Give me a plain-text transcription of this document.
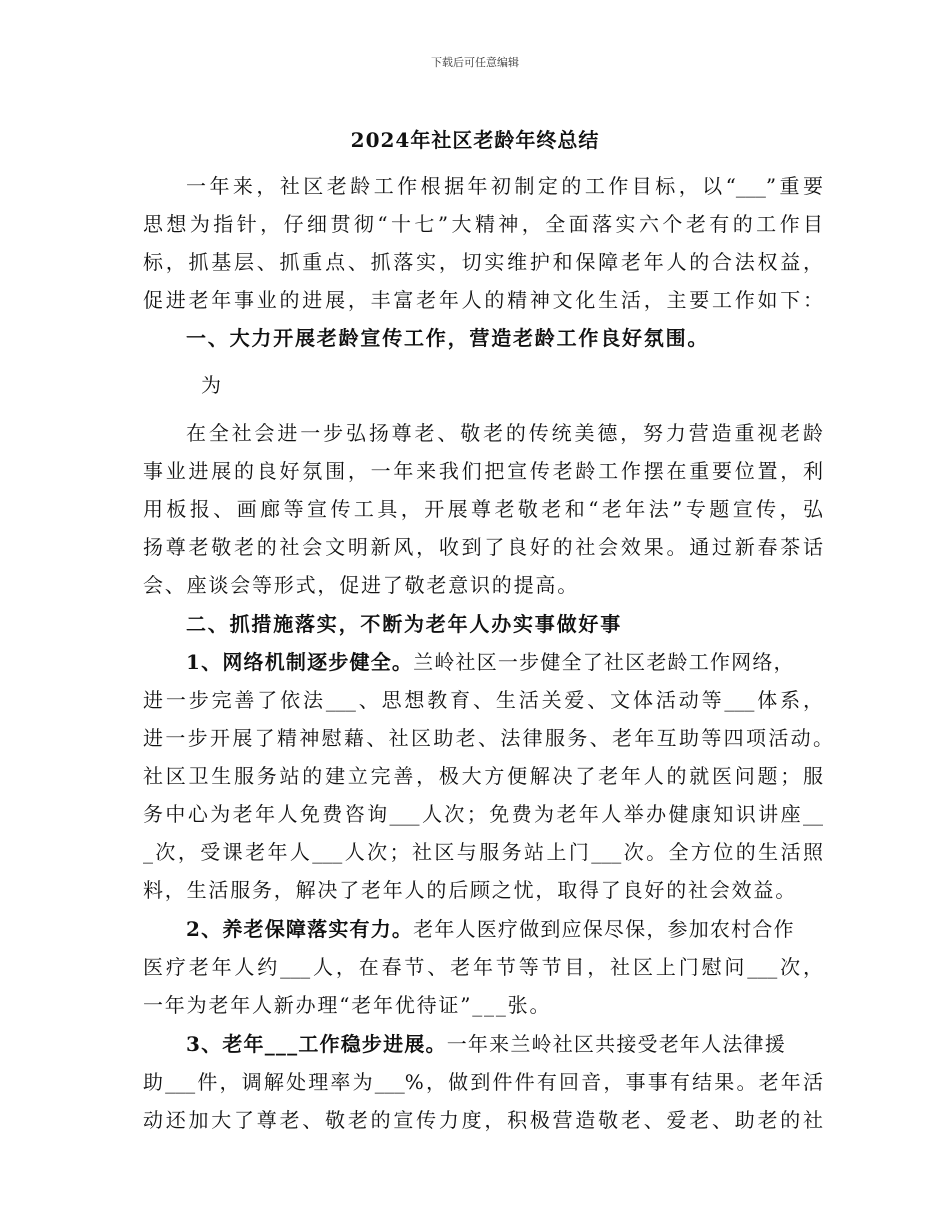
下载后可任意编辑
2024年社区老龄年终总结
一年来，社区老龄工作根据年初制定的工作目标，以“___”重要
思想为指针，仔细贯彻“十七”大精神，全面落实六个老有的工作目
标，抓基层、抓重点、抓落实，切实维护和保障老年人的合法权益，
促进老年事业的进展，丰富老年人的精神文化生活，主要工作如下：
一、大力开展老龄宣传工作，营造老龄工作良好氛围。
为
在全社会进一步弘扬尊老、敬老的传统美德，努力营造重视老龄
事业进展的良好氛围，一年来我们把宣传老龄工作摆在重要位置，利
用板报、画廊等宣传工具，开展尊老敬老和“老年法”专题宣传，弘
扬尊老敬老的社会文明新风，收到了良好的社会效果。通过新春茶话
会、座谈会等形式，促进了敬老意识的提高。
二、抓措施落实，不断为老年人办实事做好事
1、网络机制逐步健全。兰岭社区一步健全了社区老龄工作网络，
进一步完善了依法___、思想教育、生活关爱、文体活动等___体系，
进一步开展了精神慰藉、社区助老、法律服务、老年互助等四项活动。
社区卫生服务站的建立完善，极大方便解决了老年人的就医问题；服
务中心为老年人免费咨询___人次；免费为老年人举办健康知识讲座__
_次，受课老年人___人次；社区与服务站上门___次。全方位的生活照
料，生活服务，解决了老年人的后顾之忧，取得了良好的社会效益。
2、养老保障落实有力。老年人医疗做到应保尽保，参加农村合作
医疗老年人约___人，在春节、老年节等节目，社区上门慰问___次，
一年为老年人新办理“老年优待证”___张。
3、老年___工作稳步进展。一年来兰岭社区共接受老年人法律援
助___件，调解处理率为___%，做到件件有回音，事事有结果。老年活
动还加大了尊老、敬老的宣传力度，积极营造敬老、爱老、助老的社
